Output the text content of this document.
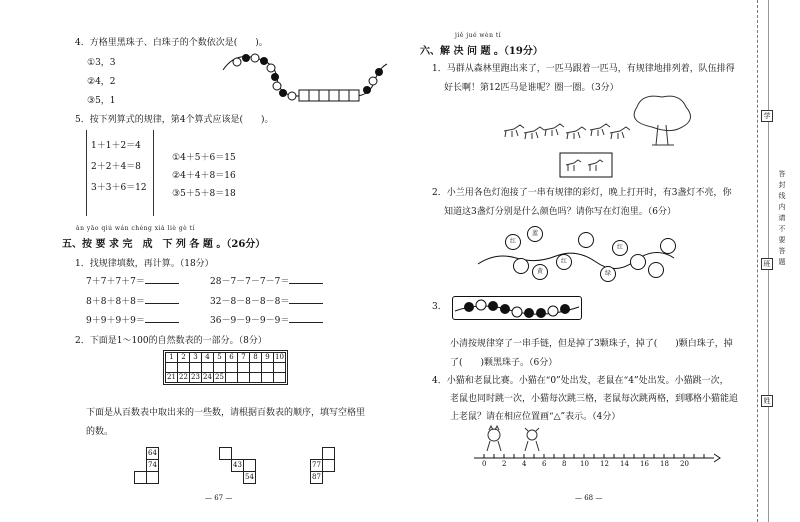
4．方格里黑珠子、白珠子的个数依次是(　　)。
①3，3
②4，2
③5，1
5．按下列算式的规律，第4个算式应该是(　　)。
1＋1＋2＝4
2＋2＋4＝8
3＋3＋6＝12
①4＋5＋6＝15
②4＋4＋8＝16
③5＋5＋8＝18
àn yāo qiú wán chéng xià liè gè tí
五、按 要 求 完　成　下 列 各 题 。（26分）
1．找规律填数，再计算。（18分）
7＋7＋7＋7＝
8＋8＋8＋8＝
9＋9＋9＋9＝
28－7－7－7－7＝
32－8－8－8－8＝
36－9－9－9－9＝
2．下面是1～100的自然数表的一部分。（8分）
1	2	3	4	5	6	7	8	9	10

21	22	23	24	25					
下面是从百数表中取出来的一些数，请根据百数表的顺序，填写空格里
的数。
64
74	43
54
77
87
— 67 —
jiě jué wèn tí
六、解 决 问 题 。（19分）
1．马群从森林里跑出来了，一匹马跟着一匹马，有规律地排列着，队伍排得
好长啊！第12匹马是谁呢？圈一圈。（3分）
2．小兰用各色灯泡接了一串有规律的彩灯，晚上打开时，有3盏灯不亮，你
知道这3盏灯分别是什么颜色吗？请你写在灯泡里。（6分）
红
蓝
黄
红
绿
红
3．
小清按规律穿了一串手链，但是掉了3颗珠子，掉了(　　)颗白珠子，掉
了(　　)颗黑珠子。（6分）
4．小猫和老鼠比赛。小猫在“0”处出发，老鼠在“4”处出发。小猫跳一次，
老鼠也同时跳一次，小猫每次跳三格，老鼠每次跳两格，到哪格小猫能追
上老鼠？请在相应位置画“△”表示。（4分）
0 2 4 6 8 10 12 14 16 18 20
— 68 —
学
班
姓
答封线内请不要答题
